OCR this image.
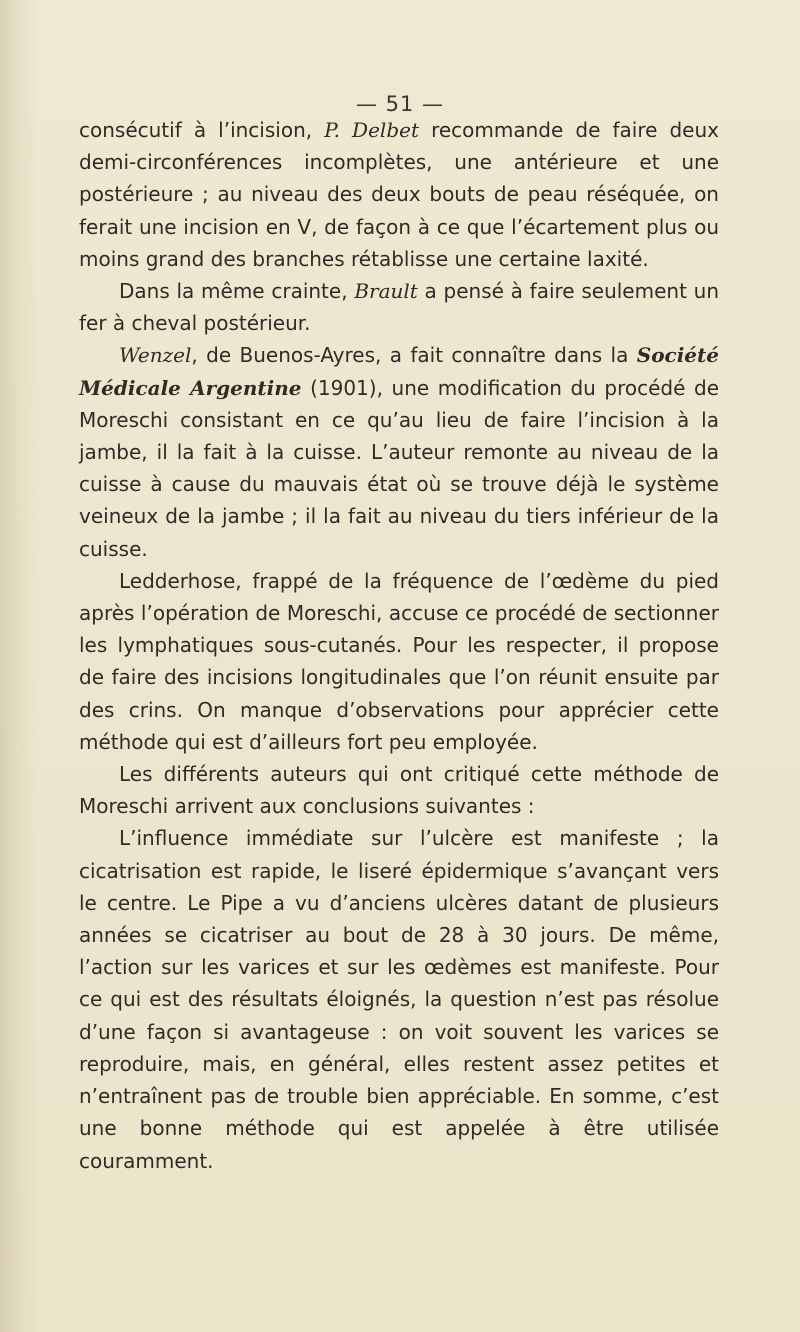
— 51 —

consécutif à l’incision, P. Delbet recommande de faire deux demi-circonférences incomplètes, une antérieure et une postérieure ; au niveau des deux bouts de peau réséquée, on ferait une incision en V, de façon à ce que l’écartement plus ou moins grand des branches rétablisse une certaine laxité.

Dans la même crainte, Brault a pensé à faire seulement un fer à cheval postérieur.

Wenzel, de Buenos-Ayres, a fait connaître dans la Société Médicale Argentine (1901), une modification du procédé de Moreschi consistant en ce qu’au lieu de faire l’incision à la jambe, il la fait à la cuisse. L’auteur remonte au niveau de la cuisse à cause du mauvais état où se trouve déjà le système veineux de la jambe ; il la fait au niveau du tiers inférieur de la cuisse.

Ledderhose, frappé de la fréquence de l’œdème du pied après l’opération de Moreschi, accuse ce procédé de sectionner les lymphatiques sous-cutanés. Pour les respecter, il propose de faire des incisions longitudinales que l’on réunit ensuite par des crins. On manque d’observations pour apprécier cette méthode qui est d’ailleurs fort peu employée.

Les différents auteurs qui ont critiqué cette méthode de Moreschi arrivent aux conclusions suivantes :

L’influence immédiate sur l’ulcère est manifeste ; la cicatrisation est rapide, le liseré épidermique s’avançant vers le centre. Le Pipe a vu d’anciens ulcères datant de plusieurs années se cicatriser au bout de 28 à 30 jours. De même, l’action sur les varices et sur les œdèmes est manifeste. Pour ce qui est des résultats éloignés, la question n’est pas résolue d’une façon si avantageuse : on voit souvent les varices se reproduire, mais, en général, elles restent assez petites et n’entraînent pas de trouble bien appréciable. En somme, c’est une bonne méthode qui est appelée à être utilisée couramment.
